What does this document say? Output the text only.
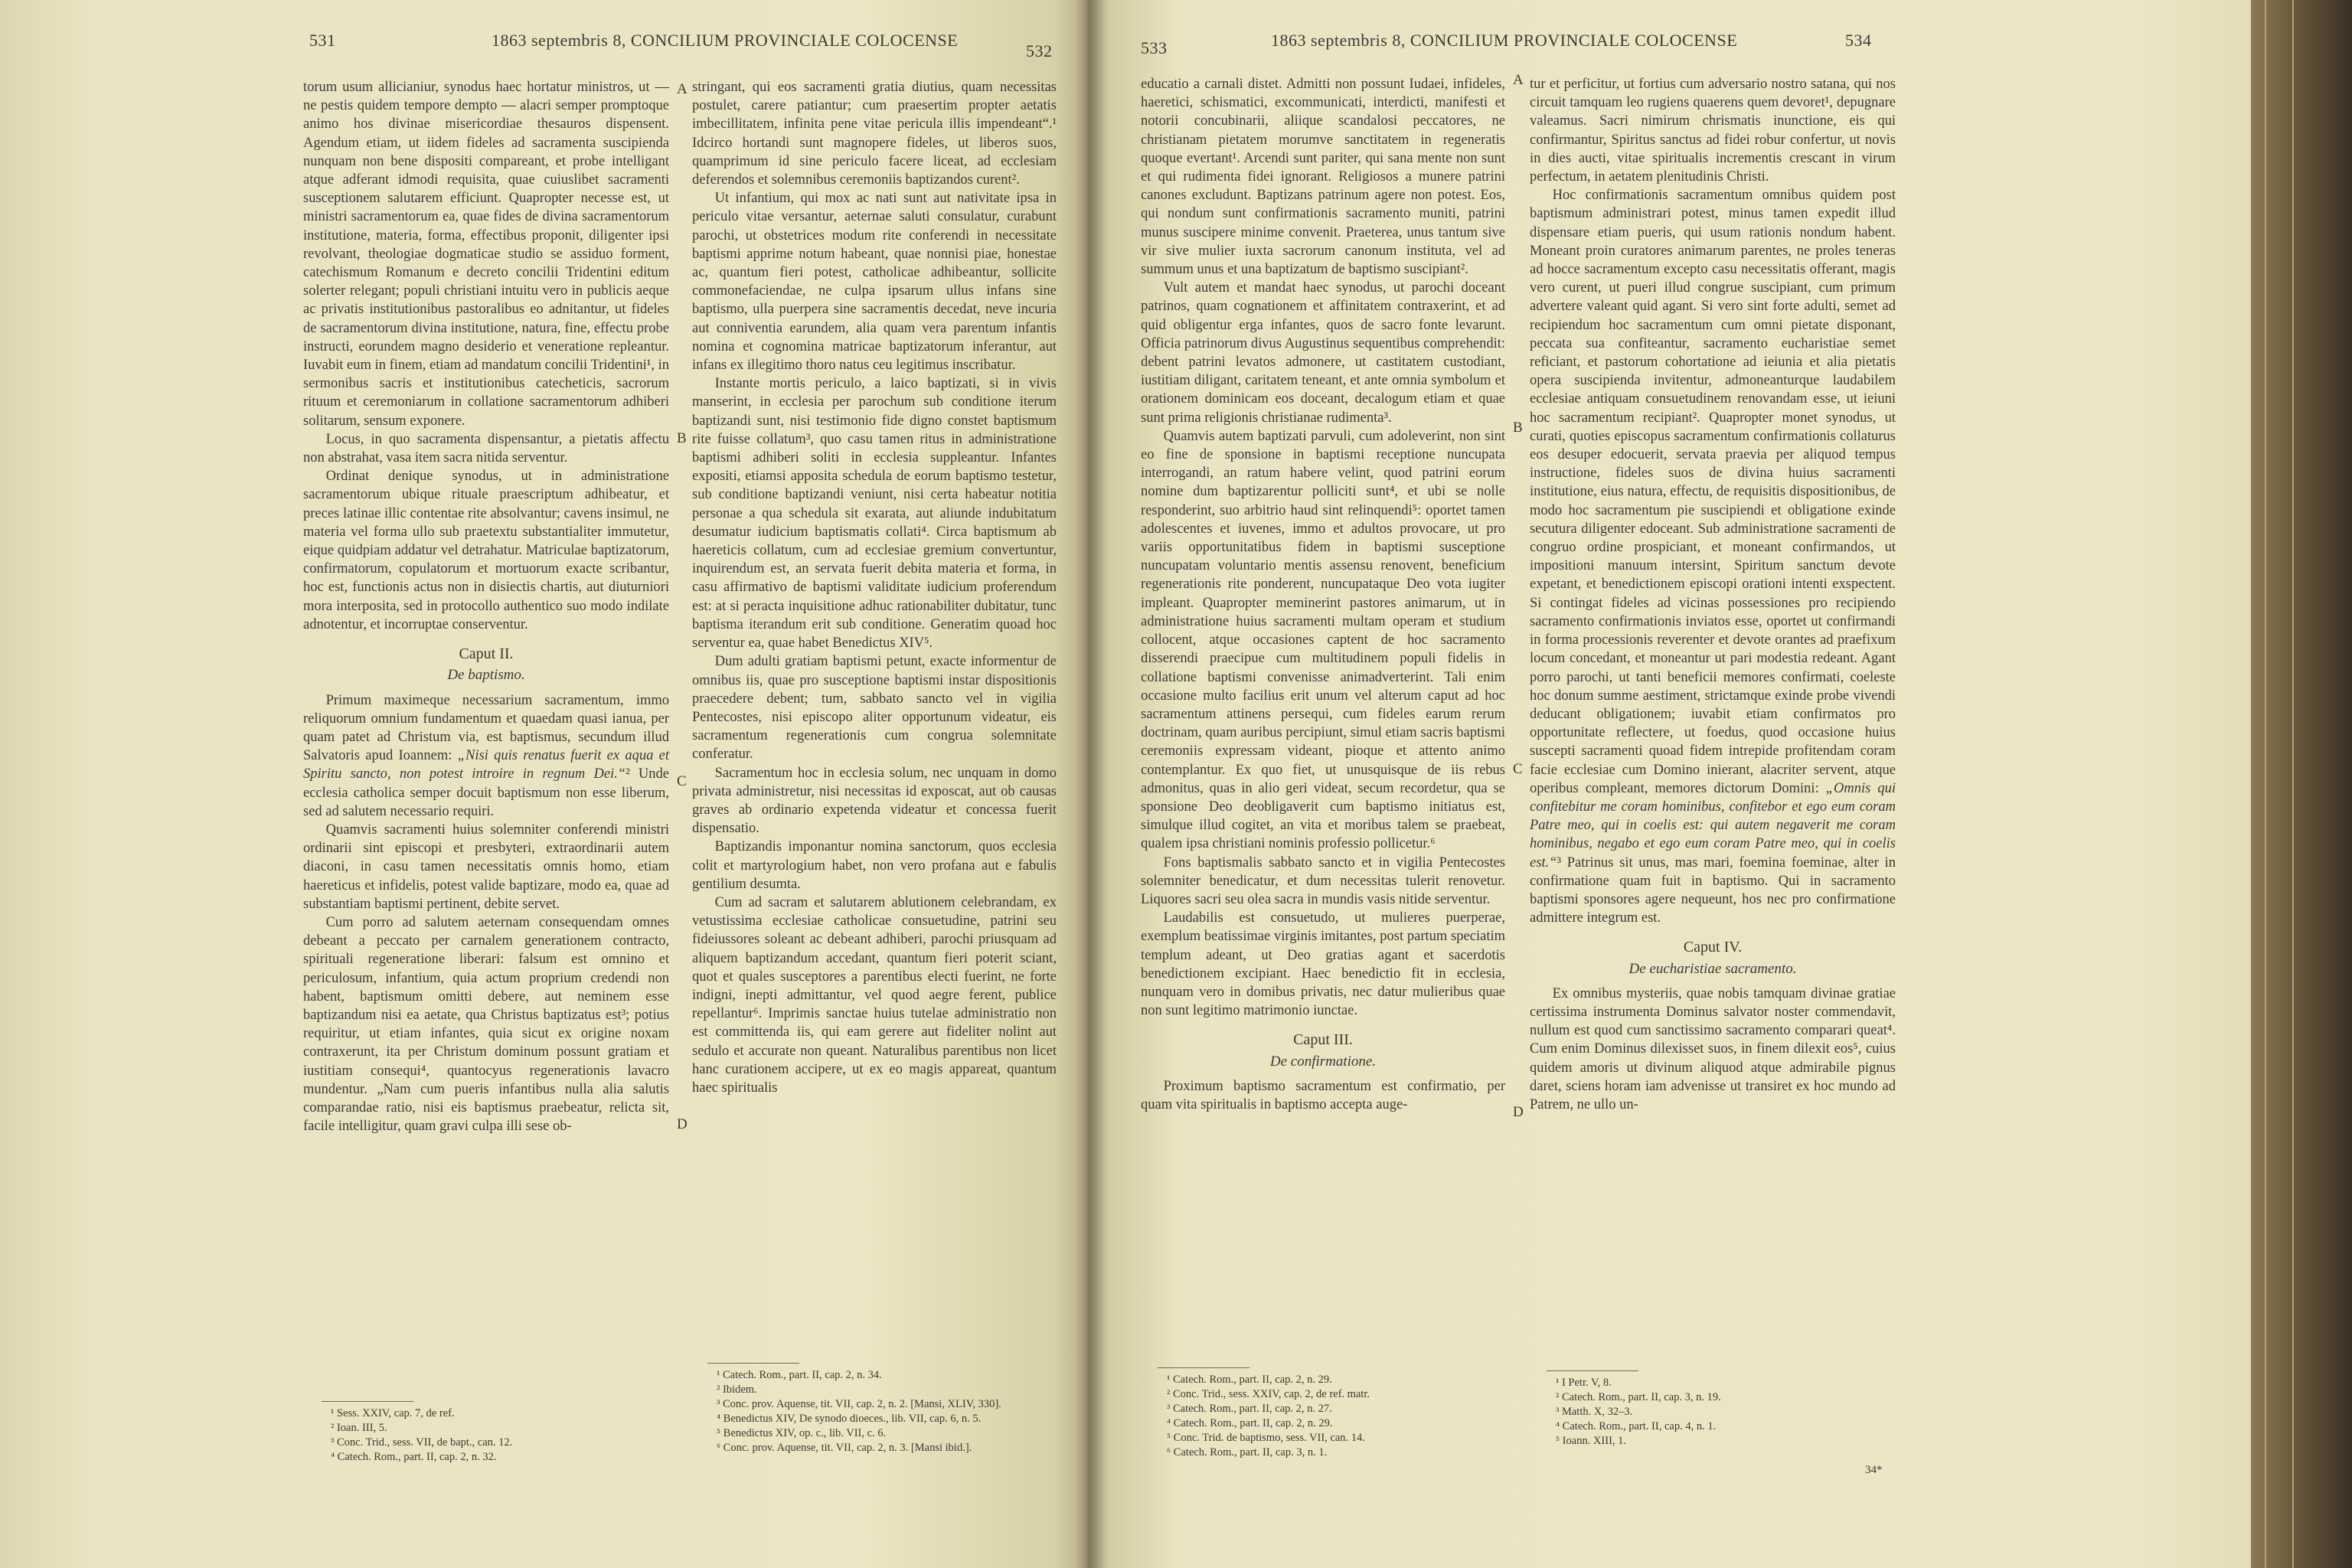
531	1863 septembris 8, CONCILIUM PROVINCIALE COLOCENSE
532

torum usum allicianiur, synodus haec hortatur ministros, ut — ne pestis quidem tempore dempto — alacri semper promptoque animo hos divinae misericordiae thesauros dispensent. Agendum etiam, ut iidem fideles ad sacramenta suscipienda nunquam non bene dispositi compareant, et probe intelligant atque adferant idmodi requisita, quae cuiuslibet sacramenti susceptionem salutarem efficiunt. Quapropter necesse est, ut ministri sacramentorum ea, quae fides de divina sacramentorum institutione, materia, forma, effectibus proponit, diligenter ipsi revolvant, theologiae dogmaticae studio se assiduo forment, catechismum Romanum e decreto concilii Tridentini editum solerter relegant; populi christiani intuitu vero in publicis aeque ac privatis institutionibus pastoralibus eo adnitantur, ut fideles de sacramentorum divina institutione, natura, fine, effectu probe instructi, eorundem magno desiderio et veneratione repleantur. Iuvabit eum in finem, etiam ad mandatum concilii Tridentini¹, in sermonibus sacris et institutionibus catecheticis, sacrorum rituum et ceremoniarum in collatione sacramentorum adhiberi solitarum, sensum exponere.

Locus, in quo sacramenta dispensantur, a pietatis affectu non abstrahat, vasa item sacra nitida serventur.

Ordinat denique synodus, ut in administratione sacramentorum ubique rituale praescriptum adhibeatur, et preces latinae illic contentae rite absolvantur; cavens insimul, ne materia vel forma ullo sub praetextu substantialiter immutetur, eique quidpiam addatur vel detrahatur. Matriculae baptizatorum, confirmatorum, copulatorum et mortuorum exacte scribantur, hoc est, functionis actus non in disiectis chartis, aut diuturniori mora interposita, sed in protocollo authentico suo modo indilate adnotentur, et incorruptae conserventur.

Caput II.
De baptismo.

Primum maximeque necessarium sacramentum, immo reliquorum omnium fundamentum et quaedam quasi ianua, per quam patet ad Christum via, est baptismus, secundum illud Salvatoris apud Ioannem: „Nisi quis renatus fuerit ex aqua et Spiritu sancto, non potest introire in regnum Dei.“² Unde ecclesia catholica semper docuit baptismum non esse liberum, sed ad salutem necessario requiri.

Quamvis sacramenti huius solemniter conferendi ministri ordinarii sint episcopi et presbyteri, extraordinarii autem diaconi, in casu tamen necessitatis omnis homo, etiam haereticus et infidelis, potest valide baptizare, modo ea, quae ad substantiam baptismi pertinent, debite servet.

Cum porro ad salutem aeternam consequendam omnes debeant a peccato per carnalem generationem contracto, spirituali regeneratione liberari: falsum est omnino et periculosum, infantium, quia actum proprium credendi non habent, baptismum omitti debere, aut neminem esse baptizandum nisi ea aetate, qua Christus baptizatus est³; potius requiritur, ut etiam infantes, quia sicut ex origine noxam contraxerunt, ita per Christum dominum possunt gratiam et iustitiam consequi⁴, quantocyus regenerationis lavacro mundentur. „Nam cum pueris infantibus nulla alia salutis comparandae ratio, nisi eis baptismus praebeatur, relicta sit, facile intelligitur, quam gravi culpa illi sese ob-

¹ Sess. XXIV, cap. 7, de ref.
² Ioan. III, 5.
³ Conc. Trid., sess. VII, de bapt., can. 12.
⁴ Catech. Rom., part. II, cap. 2, n. 32.

stringant, qui eos sacramenti gratia diutius, quam necessitas postulet, carere patiantur; cum praesertim propter aetatis imbecillitatem, infinita pene vitae pericula illis impendeant“.¹ Idcirco hortandi sunt magnopere fideles, ut liberos suos, quamprimum id sine periculo facere liceat, ad ecclesiam deferendos et solemnibus ceremoniis baptizandos curent².

Ut infantium, qui mox ac nati sunt aut nativitate ipsa in periculo vitae versantur, aeternae saluti consulatur, curabunt parochi, ut obstetrices modum rite conferendi in necessitate baptismi apprime notum habeant, quae nonnisi piae, honestae ac, quantum fieri potest, catholicae adhibeantur, sollicite commonefaciendae, ne culpa ipsarum ullus infans sine baptismo, ulla puerpera sine sacramentis decedat, neve incuria aut conniventia earundem, alia quam vera parentum infantis nomina et cognomina matricae baptizatorum inferantur, aut infans ex illegitimo thoro natus ceu legitimus inscribatur.

Instante mortis periculo, a laico baptizati, si in vivis manserint, in ecclesia per parochum sub conditione iterum baptizandi sunt, nisi testimonio fide digno constet baptismum rite fuisse collatum³, quo casu tamen ritus in administratione baptismi adhiberi soliti in ecclesia suppleantur. Infantes expositi, etiamsi apposita schedula de eorum baptismo testetur, sub conditione baptizandi veniunt, nisi certa habeatur notitia personae a qua schedula sit exarata, aut aliunde indubitatum desumatur iudicium baptismatis collati⁴. Circa baptismum ab haereticis collatum, cum ad ecclesiae gremium convertuntur, inquirendum est, an servata fuerit debita materia et forma, in casu affirmativo de baptismi validitate iudicium proferendum est: at si peracta inquisitione adhuc rationabiliter dubitatur, tunc baptisma iterandum erit sub conditione. Generatim quoad hoc serventur ea, quae habet Benedictus XIV⁵.

Dum adulti gratiam baptismi petunt, exacte informentur de omnibus iis, quae pro susceptione baptismi instar dispositionis praecedere debent; tum, sabbato sancto vel in vigilia Pentecostes, nisi episcopo aliter opportunum videatur, eis sacramentum regenerationis cum congrua solemnitate conferatur.

Sacramentum hoc in ecclesia solum, nec unquam in domo privata administretur, nisi necessitas id exposcat, aut ob causas graves ab ordinario expetenda videatur et concessa fuerit dispensatio.

Baptizandis imponantur nomina sanctorum, quos ecclesia colit et martyrologium habet, non vero profana aut e fabulis gentilium desumta.

Cum ad sacram et salutarem ablutionem celebrandam, ex vetustissima ecclesiae catholicae consuetudine, patrini seu fideiussores soleant ac debeant adhiberi, parochi priusquam ad aliquem baptizandum accedant, quantum fieri poterit sciant, quot et quales susceptores a parentibus electi fuerint, ne forte indigni, inepti admittantur, vel quod aegre ferent, publice repellantur⁶. Imprimis sanctae huius tutelae administratio non est committenda iis, qui eam gerere aut fideliter nolint aut sedulo et accurate non queant. Naturalibus parentibus non licet hanc curationem accipere, ut ex eo magis appareat, quantum haec spiritualis

¹ Catech. Rom., part. II, cap. 2, n. 34.
² Ibidem.
³ Conc. prov. Aquense, tit. VII, cap. 2, n. 2. [Mansi, XLIV, 330].
⁴ Benedictus XIV, De synodo dioeces., lib. VII, cap. 6, n. 5.
⁵ Benedictus XIV, op. c., lib. VII, c. 6.
⁶ Conc. prov. Aquense, tit. VII, cap. 2, n. 3. [Mansi ibid.].
A
B
C
D
533	1863 septembris 8, CONCILIUM PROVINCIALE COLOCENSE	534

educatio a carnali distet. Admitti non possunt Iudaei, infideles, haeretici, schismatici, excommunicati, interdicti, manifesti et notorii concubinarii, aliique scandalosi peccatores, ne christianam pietatem morumve sanctitatem in regeneratis quoque evertant¹. Arcendi sunt pariter, qui sana mente non sunt et qui rudimenta fidei ignorant. Religiosos a munere patrini canones excludunt. Baptizans patrinum agere non potest. Eos, qui nondum sunt confirmationis sacramento muniti, patrini munus suscipere minime convenit. Praeterea, unus tantum sive vir sive mulier iuxta sacrorum canonum instituta, vel ad summum unus et una baptizatum de baptismo suscipiant².

Vult autem et mandat haec synodus, ut parochi doceant patrinos, quam cognationem et affinitatem contraxerint, et ad quid obligentur erga infantes, quos de sacro fonte levarunt. Officia patrinorum divus Augustinus sequentibus comprehendit: debent patrini levatos admonere, ut castitatem custodiant, iustitiam diligant, caritatem teneant, et ante omnia symbolum et orationem dominicam eos doceant, decalogum etiam et quae sunt prima religionis christianae rudimenta³.

Quamvis autem baptizati parvuli, cum adoleverint, non sint eo fine de sponsione in baptismi receptione nuncupata interrogandi, an ratum habere velint, quod patrini eorum nomine dum baptizarentur polliciti sunt⁴, et ubi se nolle responderint, suo arbitrio haud sint relinquendi⁵: oportet tamen adolescentes et iuvenes, immo et adultos provocare, ut pro variis opportunitatibus fidem in baptismi susceptione nuncupatam voluntario mentis assensu renovent, beneficium regenerationis rite ponderent, nuncupataque Deo vota iugiter impleant. Quapropter meminerint pastores animarum, ut in administratione huius sacramenti multam operam et studium collocent, atque occasiones captent de hoc sacramento disserendi praecipue cum multitudinem populi fidelis in collatione baptismi convenisse animadverterint. Tali enim occasione multo facilius erit unum vel alterum caput ad hoc sacramentum attinens persequi, cum fideles earum rerum doctrinam, quam auribus percipiunt, simul etiam sacris baptismi ceremoniis expressam videant, pioque et attento animo contemplantur. Ex quo fiet, ut unusquisque de iis rebus admonitus, quas in alio geri videat, secum recordetur, qua se sponsione Deo deobligaverit cum baptismo initiatus est, simulque illud cogitet, an vita et moribus talem se praebeat, qualem ipsa christiani nominis professio pollicetur.⁶

Fons baptismalis sabbato sancto et in vigilia Pentecostes solemniter benedicatur, et dum necessitas tulerit renovetur. Liquores sacri seu olea sacra in mundis vasis nitide serventur.

Laudabilis est consuetudo, ut mulieres puerperae, exemplum beatissimae virginis imitantes, post partum speciatim templum adeant, ut Deo gratias agant et sacerdotis benedictionem excipiant. Haec benedictio fit in ecclesia, nunquam vero in domibus privatis, nec datur mulieribus quae non sunt legitimo matrimonio iunctae.

Caput III.
De confirmatione.

Proximum baptismo sacramentum est confirmatio, per quam vita spiritualis in baptismo accepta auge-

¹ Catech. Rom., part. II, cap. 2, n. 29.
² Conc. Trid., sess. XXIV, cap. 2, de ref. matr.
³ Catech. Rom., part. II, cap. 2, n. 27.
⁴ Catech. Rom., part. II, cap. 2, n. 29.
⁵ Conc. Trid. de baptismo, sess. VII, can. 14.
⁶ Catech. Rom., part. II, cap. 3, n. 1.

tur et perficitur, ut fortius cum adversario nostro satana, qui nos circuit tamquam leo rugiens quaerens quem devoret¹, depugnare valeamus. Sacri nimirum chrismatis inunctione, eis qui confirmantur, Spiritus sanctus ad fidei robur confertur, ut novis in dies aucti, vitae spiritualis incrementis crescant in virum perfectum, in aetatem plenitudinis Christi.

Hoc confirmationis sacramentum omnibus quidem post baptismum administrari potest, minus tamen expedit illud dispensare etiam pueris, qui usum rationis nondum habent. Moneant proin curatores animarum parentes, ne proles teneras ad hocce sacramentum excepto casu necessitatis offerant, magis vero curent, ut pueri illud congrue suscipiant, cum primum advertere valeant quid agant. Si vero sint forte adulti, semet ad recipiendum hoc sacramentum cum omni pietate disponant, peccata sua confiteantur, sacramento eucharistiae semet reficiant, et pastorum cohortatione ad ieiunia et alia pietatis opera suscipienda invitentur, admoneanturque laudabilem ecclesiae antiquam consuetudinem renovandam esse, ut ieiuni hoc sacramentum recipiant². Quapropter monet synodus, ut curati, quoties episcopus sacramentum confirmationis collaturus eos desuper edocuerit, servata praevia per aliquod tempus instructione, fideles suos de divina huius sacramenti institutione, eius natura, effectu, de requisitis dispositionibus, de modo hoc sacramentum pie suscipiendi et obligatione exinde secutura diligenter edoceant. Sub administratione sacramenti de congruo ordine prospiciant, et moneant confirmandos, ut impositioni manuum intersint, Spiritum sanctum devote expetant, et benedictionem episcopi orationi intenti exspectent. Si contingat fideles ad vicinas possessiones pro recipiendo sacramento confirmationis inviatos esse, oportet ut confirmandi in forma processionis reverenter et devote orantes ad praefixum locum concedant, et moneantur ut pari modestia redeant. Agant porro parochi, ut tanti beneficii memores confirmati, coeleste hoc donum summe aestiment, strictamque exinde probe vivendi deducant obligationem; iuvabit etiam confirmatos pro opportunitate reflectere, ut foedus, quod occasione huius suscepti sacramenti quoad fidem intrepide profitendam coram facie ecclesiae cum Domino inierant, alacriter servent, atque operibus compleant, memores dictorum Domini: „Omnis qui confitebitur me coram hominibus, confitebor et ego eum coram Patre meo, qui in coelis est: qui autem negaverit me coram hominibus, negabo et ego eum coram Patre meo, qui in coelis est.“³ Patrinus sit unus, mas mari, foemina foeminae, alter in confirmatione quam fuit in baptismo. Qui in sacramento baptismi sponsores agere nequeunt, hos nec pro confirmatione admittere integrum est.

Caput IV.
De eucharistiae sacramento.

Ex omnibus mysteriis, quae nobis tamquam divinae gratiae certissima instrumenta Dominus salvator noster commendavit, nullum est quod cum sanctissimo sacramento comparari queat⁴. Cum enim Dominus dilexisset suos, in finem dilexit eos⁵, cuius quidem amoris ut divinum aliquod atque admirabile pignus daret, sciens horam iam advenisse ut transiret ex hoc mundo ad Patrem, ne ullo un-

¹ I Petr. V, 8.
² Catech. Rom., part. II, cap. 3, n. 19.
³ Matth. X, 32–3.
⁴ Catech. Rom., part. II, cap. 4, n. 1.
⁵ Ioann. XIII, 1.
34*
A
B
C
D
